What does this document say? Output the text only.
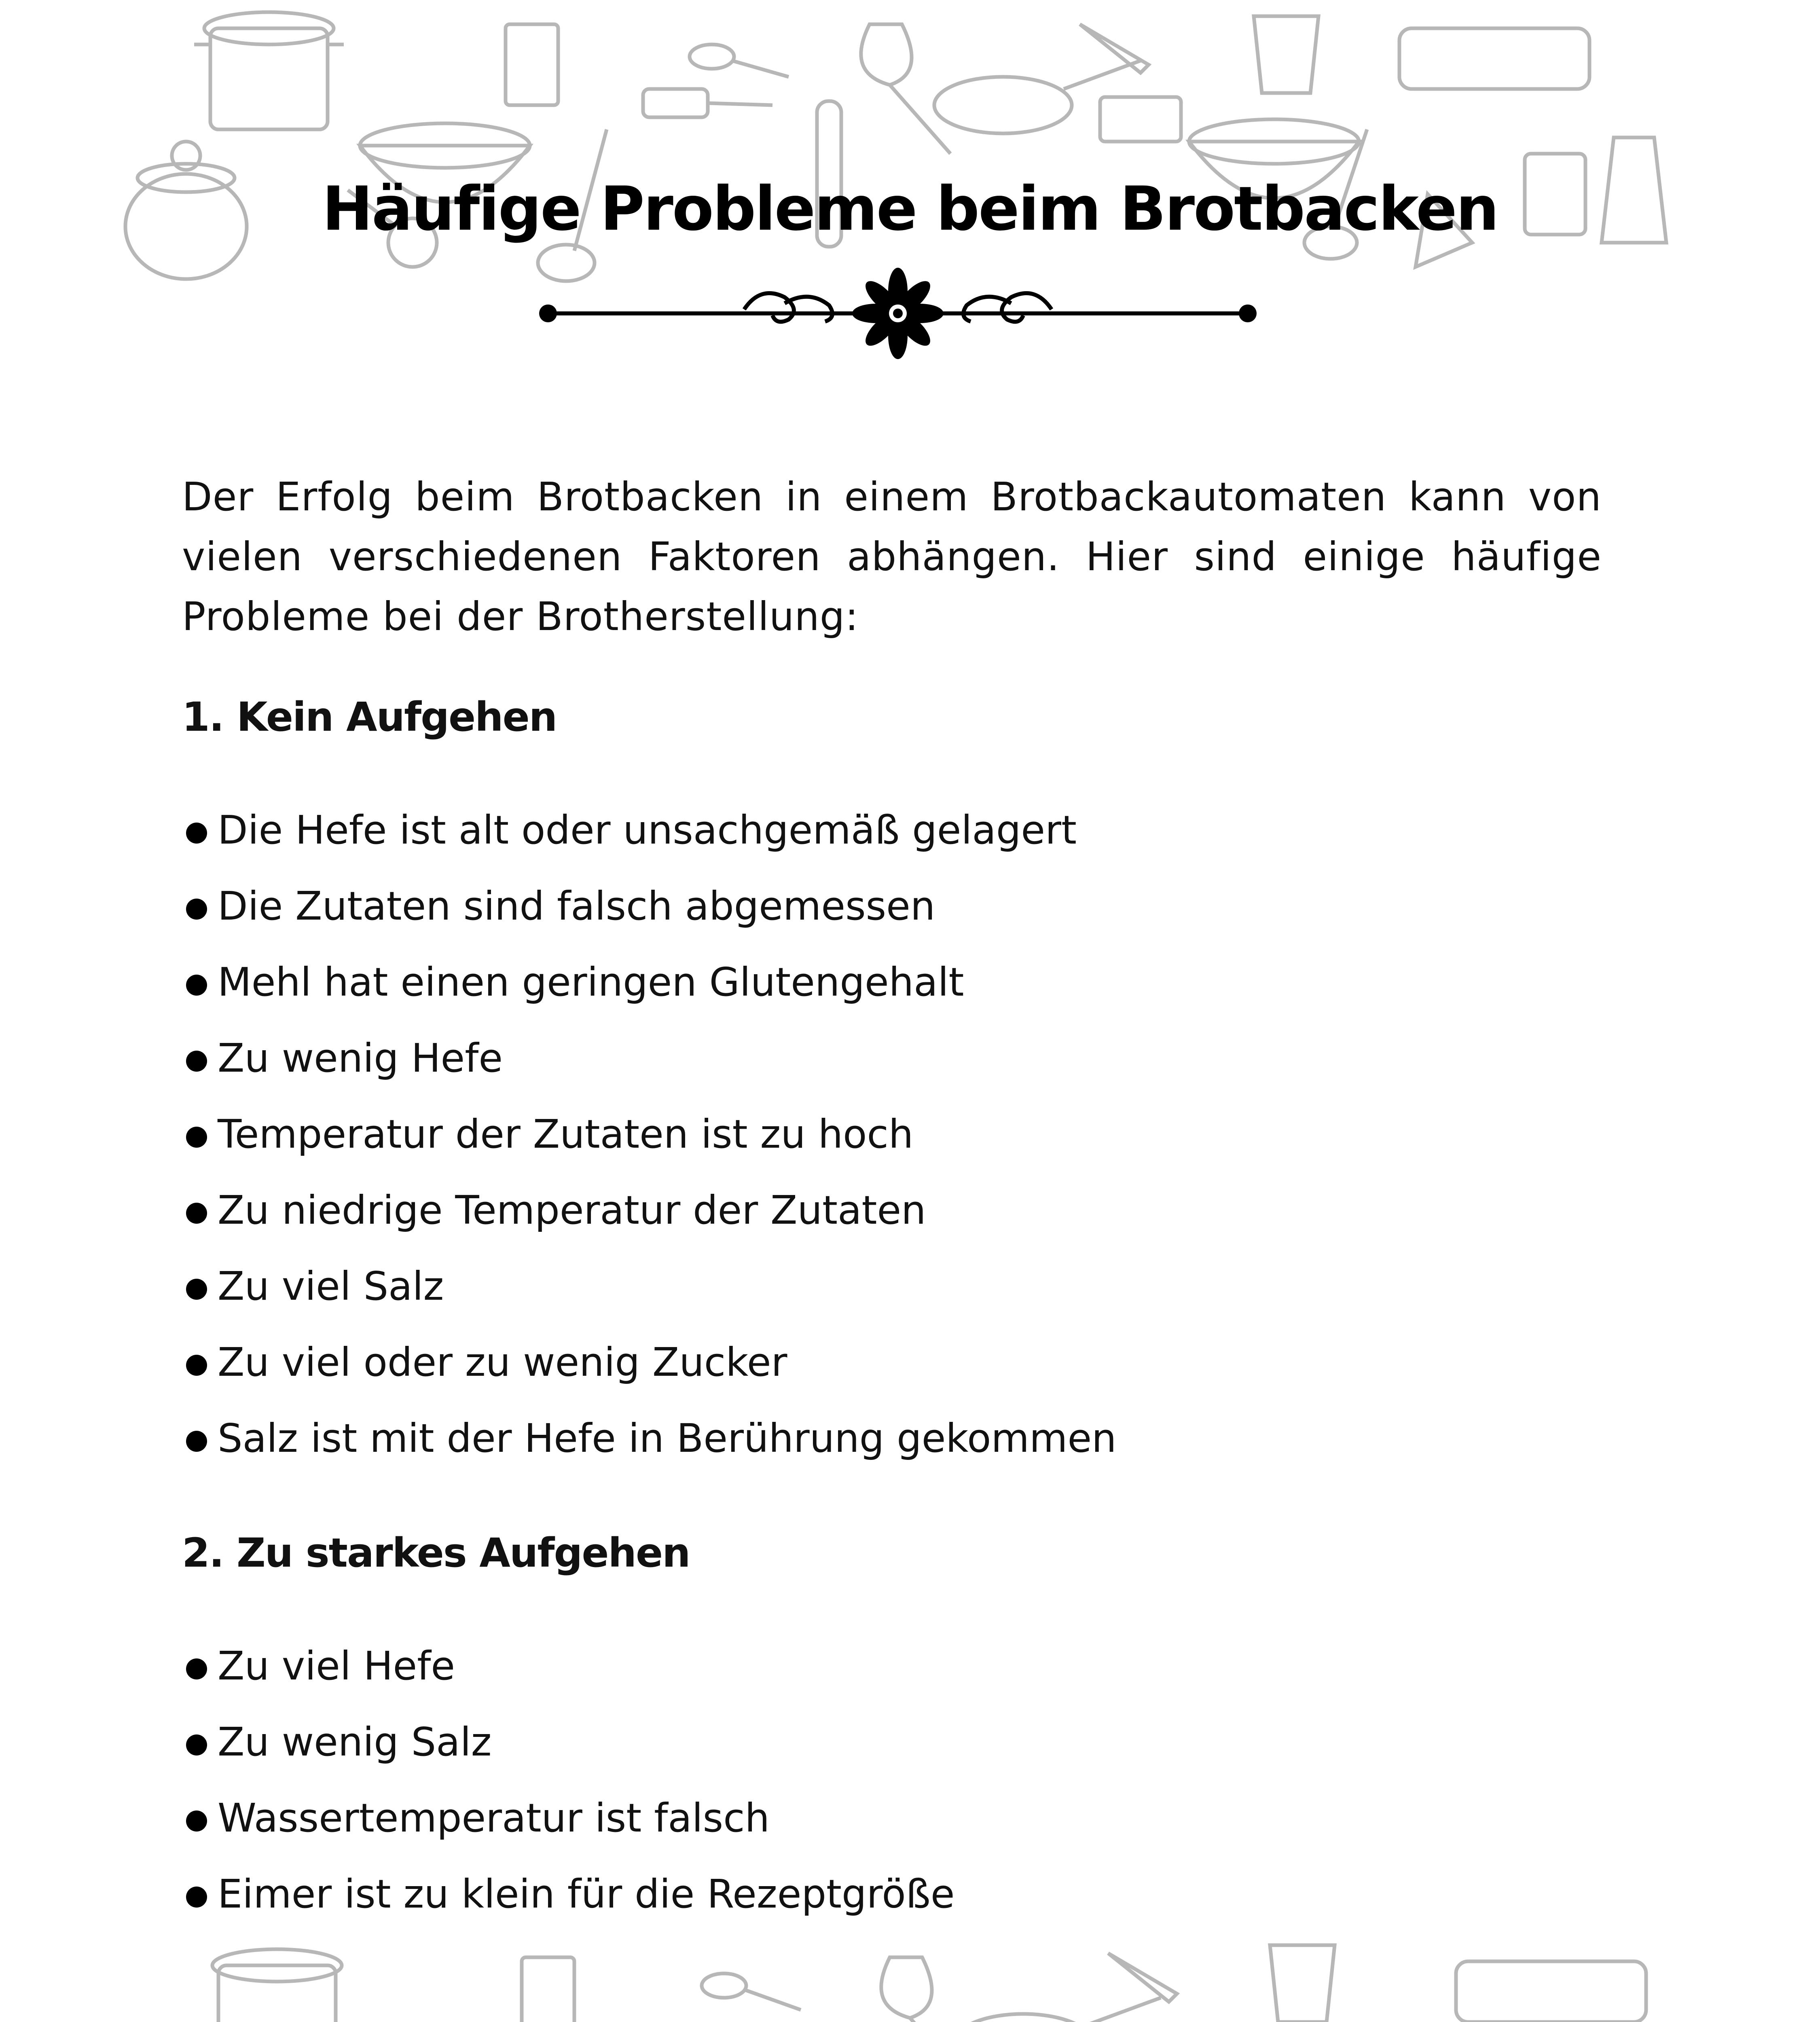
Häufige Probleme beim Brotbacken

Der Erfolg beim Brotbacken in einem Brotbackautomaten kann von vielen verschiedenen Faktoren abhängen. Hier sind einige häufige Probleme bei der Brotherstellung:

1. Kein Aufgehen
Die Hefe ist alt oder unsachgemäß gelagert
Die Zutaten sind falsch abgemessen
Mehl hat einen geringen Glutengehalt
Zu wenig Hefe
Temperatur der Zutaten ist zu hoch
Zu niedrige Temperatur der Zutaten
Zu viel Salz
Zu viel oder zu wenig Zucker
Salz ist mit der Hefe in Berührung gekommen
2. Zu starkes Aufgehen
Zu viel Hefe
Zu wenig Salz
Wassertemperatur ist falsch
Eimer ist zu klein für die Rezeptgröße
